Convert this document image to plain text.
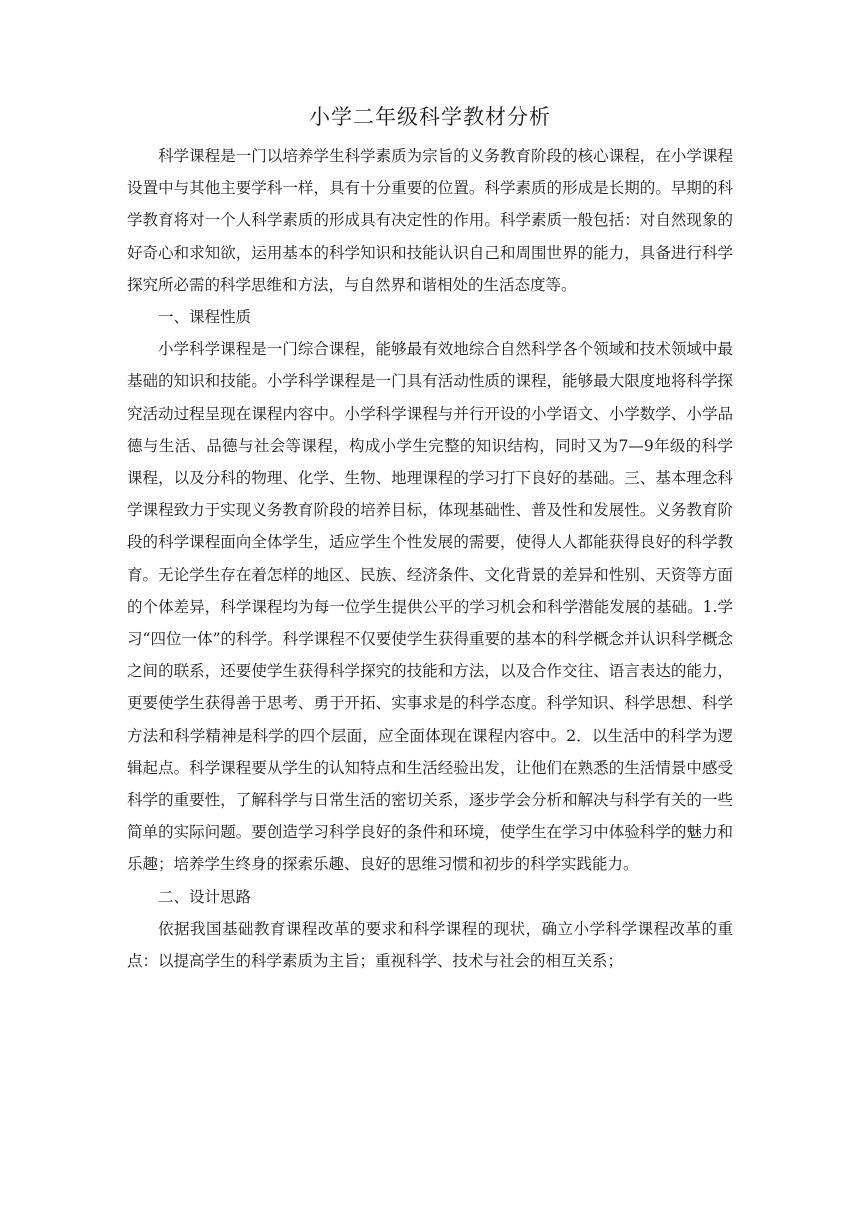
小学二年级科学教材分析

科学课程是一门以培养学生科学素质为宗旨的义务教育阶段的核心课程，在小学课程设置中与其他主要学科一样，具有十分重要的位置。科学素质的形成是长期的。早期的科学教育将对一个人科学素质的形成具有决定性的作用。科学素质一般包括：对自然现象的好奇心和求知欲，运用基本的科学知识和技能认识自己和周围世界的能力，具备进行科学探究所必需的科学思维和方法，与自然界和谐相处的生活态度等。

一、课程性质

小学科学课程是一门综合课程，能够最有效地综合自然科学各个领域和技术领域中最基础的知识和技能。小学科学课程是一门具有活动性质的课程，能够最大限度地将科学探究活动过程呈现在课程内容中。小学科学课程与并行开设的小学语文、小学数学、小学品德与生活、品德与社会等课程，构成小学生完整的知识结构，同时又为7—9年级的科学课程，以及分科的物理、化学、生物、地理课程的学习打下良好的基础。三、基本理念科学课程致力于实现义务教育阶段的培养目标，体现基础性、普及性和发展性。义务教育阶段的科学课程面向全体学生，适应学生个性发展的需要，使得人人都能获得良好的科学教育。无论学生存在着怎样的地区、民族、经济条件、文化背景的差异和性别、天资等方面的个体差异，科学课程均为每一位学生提供公平的学习机会和科学潜能发展的基础。1.学习“四位一体”的科学。科学课程不仅要使学生获得重要的基本的科学概念并认识科学概念之间的联系，还要使学生获得科学探究的技能和方法，以及合作交往、语言表达的能力，更要使学生获得善于思考、勇于开拓、实事求是的科学态度。科学知识、科学思想、科学方法和科学精神是科学的四个层面，应全面体现在课程内容中。2．以生活中的科学为逻辑起点。科学课程要从学生的认知特点和生活经验出发，让他们在熟悉的生活情景中感受科学的重要性，了解科学与日常生活的密切关系，逐步学会分析和解决与科学有关的一些简单的实际问题。要创造学习科学良好的条件和环境，使学生在学习中体验科学的魅力和乐趣；培养学生终身的探索乐趣、良好的思维习惯和初步的科学实践能力。

二、设计思路

依据我国基础教育课程改革的要求和科学课程的现状，确立小学科学课程改革的重点：以提高学生的科学素质为主旨；重视科学、技术与社会的相互关系；
